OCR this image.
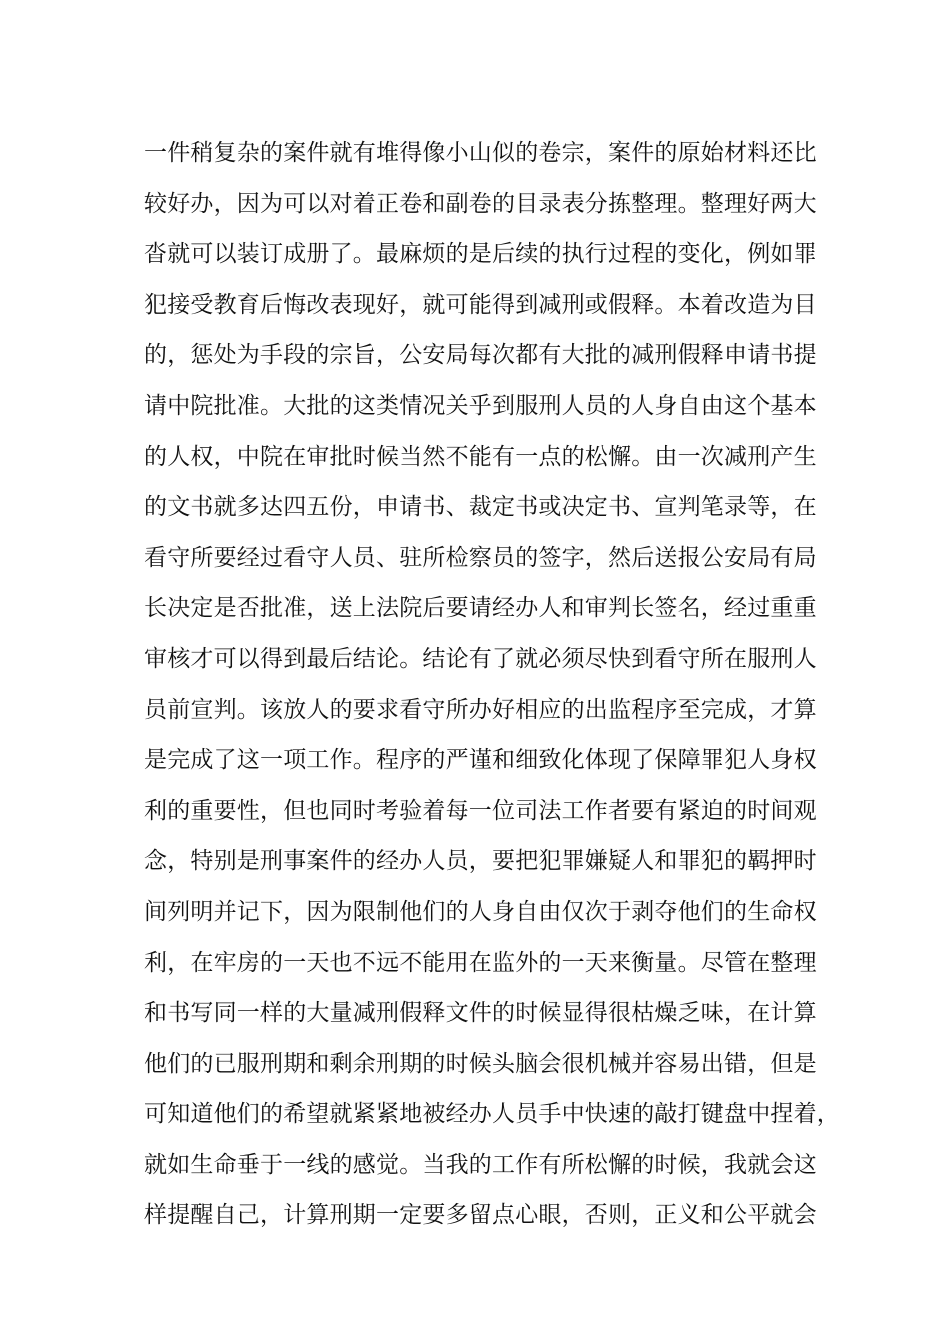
一件稍复杂的案件就有堆得像小山似的卷宗，案件的原始材料还比
较好办，因为可以对着正卷和副卷的目录表分拣整理。整理好两大
沓就可以装订成册了。最麻烦的是后续的执行过程的变化，例如罪
犯接受教育后悔改表现好，就可能得到减刑或假释。本着改造为目
的，惩处为手段的宗旨，公安局每次都有大批的减刑假释申请书提
请中院批准。大批的这类情况关乎到服刑人员的人身自由这个基本
的人权，中院在审批时候当然不能有一点的松懈。由一次减刑产生
的文书就多达四五份，申请书、裁定书或决定书、宣判笔录等，在
看守所要经过看守人员、驻所检察员的签字，然后送报公安局有局
长决定是否批准，送上法院后要请经办人和审判长签名，经过重重
审核才可以得到最后结论。结论有了就必须尽快到看守所在服刑人
员前宣判。该放人的要求看守所办好相应的出监程序至完成，才算
是完成了这一项工作。程序的严谨和细致化体现了保障罪犯人身权
利的重要性，但也同时考验着每一位司法工作者要有紧迫的时间观
念，特别是刑事案件的经办人员，要把犯罪嫌疑人和罪犯的羁押时
间列明并记下，因为限制他们的人身自由仅次于剥夺他们的生命权
利，在牢房的一天也不远不能用在监外的一天来衡量。尽管在整理
和书写同一样的大量减刑假释文件的时候显得很枯燥乏味，在计算
他们的已服刑期和剩余刑期的时候头脑会很机械并容易出错，但是
可知道他们的希望就紧紧地被经办人员手中快速的敲打键盘中捏着，
就如生命垂于一线的感觉。当我的工作有所松懈的时候，我就会这
样提醒自己，计算刑期一定要多留点心眼，否则，正义和公平就会
